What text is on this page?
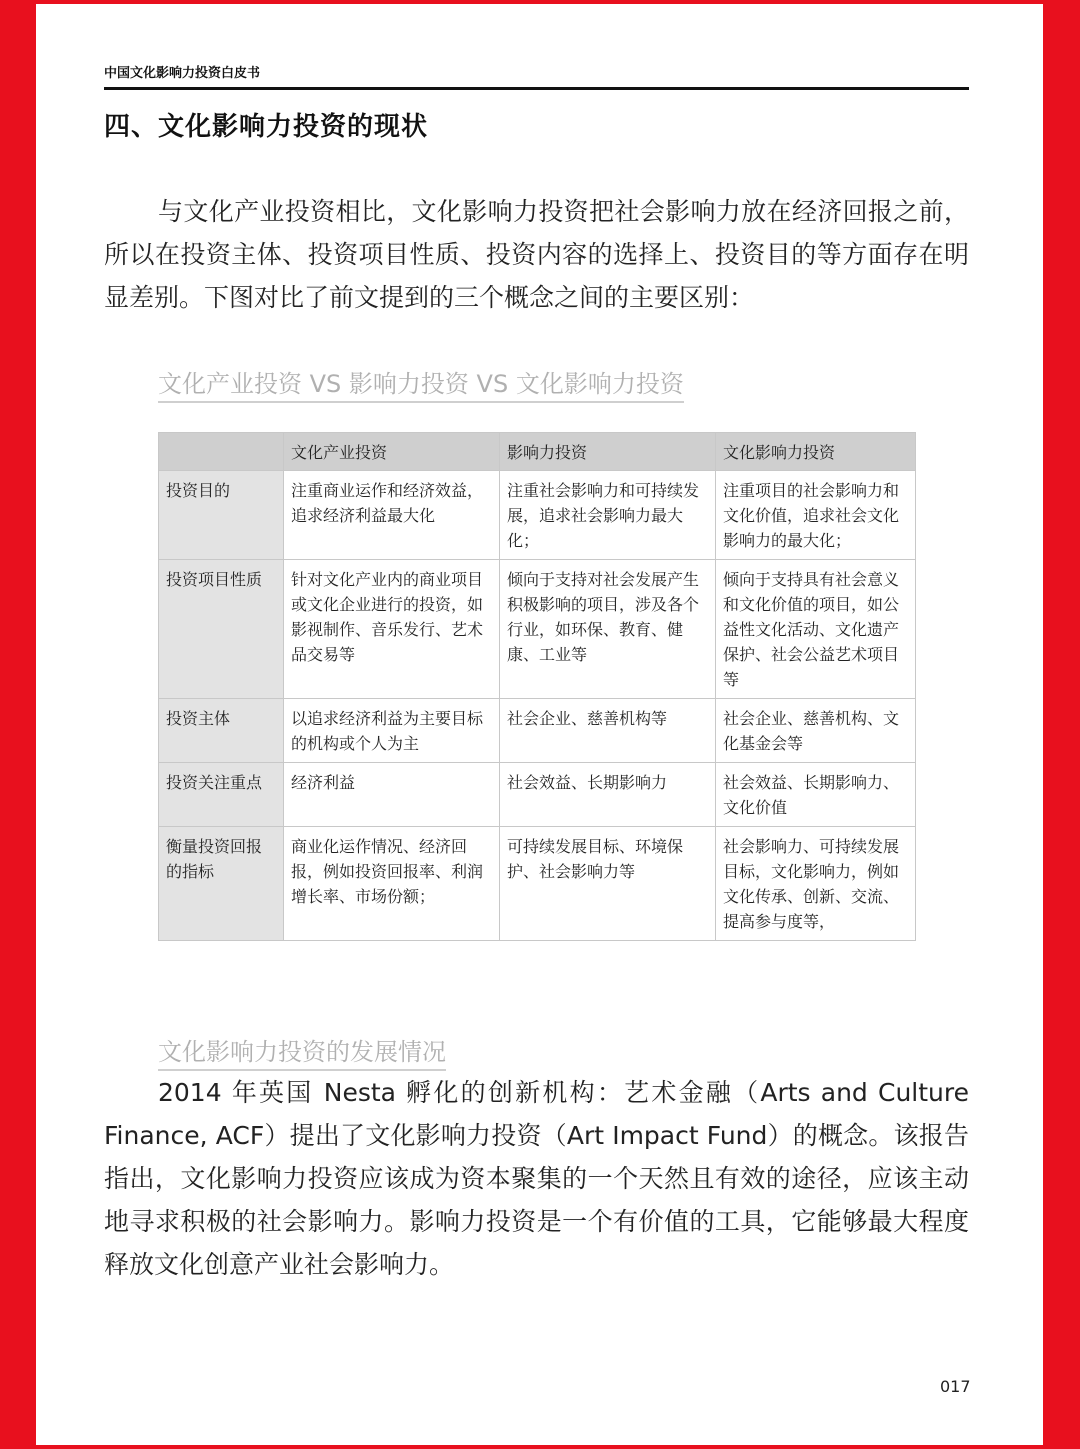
中国文化影响力投资白皮书
四、文化影响力投资的现状

与文化产业投资相比，文化影响力投资把社会影响力放在经济回报之前，所以在投资主体、投资项目性质、投资内容的选择上、投资目的等方面存在明显差别。下图对比了前文提到的三个概念之间的主要区别：

文化产业投资 VS 影响力投资 VS 文化影响力投资
	文化产业投资	影响力投资	文化影响力投资
投资目的	注重商业运作和经济效益，追求经济利益最大化	注重社会影响力和可持续发展，追求社会影响力最大化；	注重项目的社会影响力和文化价值，追求社会文化影响力的最大化；
投资项目性质	针对文化产业内的商业项目或文化企业进行的投资，如影视制作、音乐发行、艺术品交易等	倾向于支持对社会发展产生积极影响的项目，涉及各个行业，如环保、教育、健康、工业等	倾向于支持具有社会意义和文化价值的项目，如公益性文化活动、文化遗产保护、社会公益艺术项目等
投资主体	以追求经济利益为主要目标的机构或个人为主	社会企业、慈善机构等	社会企业、慈善机构、文化基金会等
投资关注重点	经济利益	社会效益、长期影响力	社会效益、长期影响力、文化价值
衡量投资回报的指标	商业化运作情况、经济回报，例如投资回报率、利润增长率、市场份额；	可持续发展目标、环境保护、社会影响力等	社会影响力、可持续发展目标，文化影响力，例如文化传承、创新、交流、提高参与度等，
文化影响力投资的发展情况

2014 年英国 Nesta 孵化的创新机构：艺术金融（Arts and Culture Finance, ACF）提出了文化影响力投资（Art Impact Fund）的概念。该报告指出，文化影响力投资应该成为资本聚集的一个天然且有效的途径，应该主动地寻求积极的社会影响力。影响力投资是一个有价值的工具，它能够最大程度释放文化创意产业社会影响力。

017
